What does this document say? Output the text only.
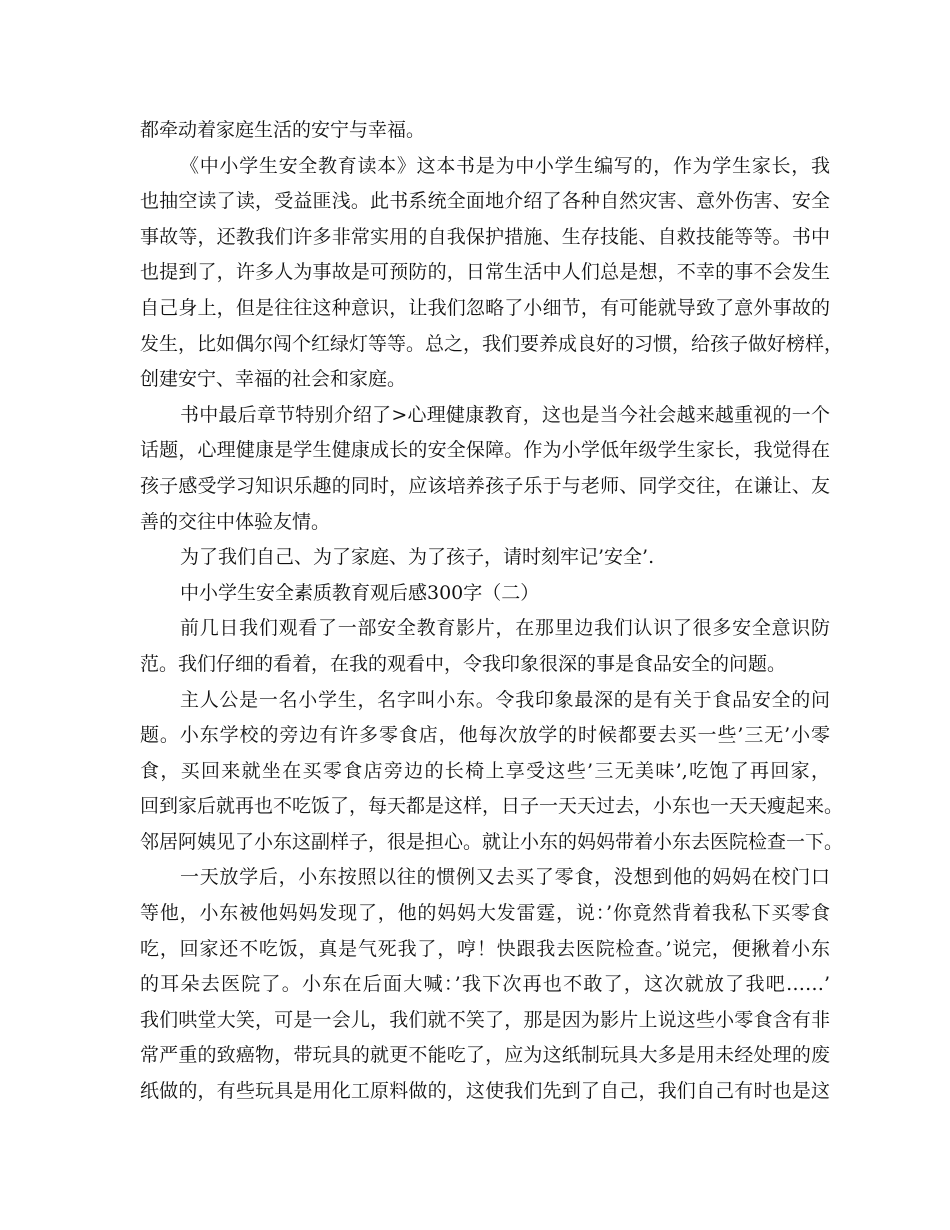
都牵动着家庭生活的安宁与幸福。
《中小学生安全教育读本》这本书是为中小学生编写的，作为学生家长，我
也抽空读了读，受益匪浅。此书系统全面地介绍了各种自然灾害、意外伤害、安全
事故等，还教我们许多非常实用的自我保护措施、生存技能、自救技能等等。书中
也提到了，许多人为事故是可预防的，日常生活中人们总是想，不幸的事不会发生
自己身上，但是往往这种意识，让我们忽略了小细节，有可能就导致了意外事故的
发生，比如偶尔闯个红绿灯等等。总之，我们要养成良好的习惯，给孩子做好榜样，
创建安宁、幸福的社会和家庭。
书中最后章节特别介绍了>心理健康教育，这也是当今社会越来越重视的一个
话题，心理健康是学生健康成长的安全保障。作为小学低年级学生家长，我觉得在
孩子感受学习知识乐趣的同时，应该培养孩子乐于与老师、同学交往，在谦让、友
善的交往中体验友情。
为了我们自己、为了家庭、为了孩子，请时刻牢记’安全’.
中小学生安全素质教育观后感300字（二）
前几日我们观看了一部安全教育影片，在那里边我们认识了很多安全意识防
范。我们仔细的看着，在我的观看中，令我印象很深的事是食品安全的问题。
主人公是一名小学生，名字叫小东。令我印象最深的是有关于食品安全的问
题。小东学校的旁边有许多零食店，他每次放学的时候都要去买一些’三无’小零
食，买回来就坐在买零食店旁边的长椅上享受这些’三无美味’,吃饱了再回家，
回到家后就再也不吃饭了，每天都是这样，日子一天天过去，小东也一天天瘦起来。
邻居阿姨见了小东这副样子，很是担心。就让小东的妈妈带着小东去医院检查一下。
一天放学后，小东按照以往的惯例又去买了零食，没想到他的妈妈在校门口
等他，小东被他妈妈发现了，他的妈妈大发雷霆，说：’你竟然背着我私下买零食
吃，回家还不吃饭，真是气死我了，哼！快跟我去医院检查。’说完，便揪着小东
的耳朵去医院了。小东在后面大喊：’我下次再也不敢了，这次就放了我吧……’
我们哄堂大笑，可是一会儿，我们就不笑了，那是因为影片上说这些小零食含有非
常严重的致癌物，带玩具的就更不能吃了，应为这纸制玩具大多是用未经处理的废
纸做的，有些玩具是用化工原料做的，这使我们先到了自己，我们自己有时也是这
